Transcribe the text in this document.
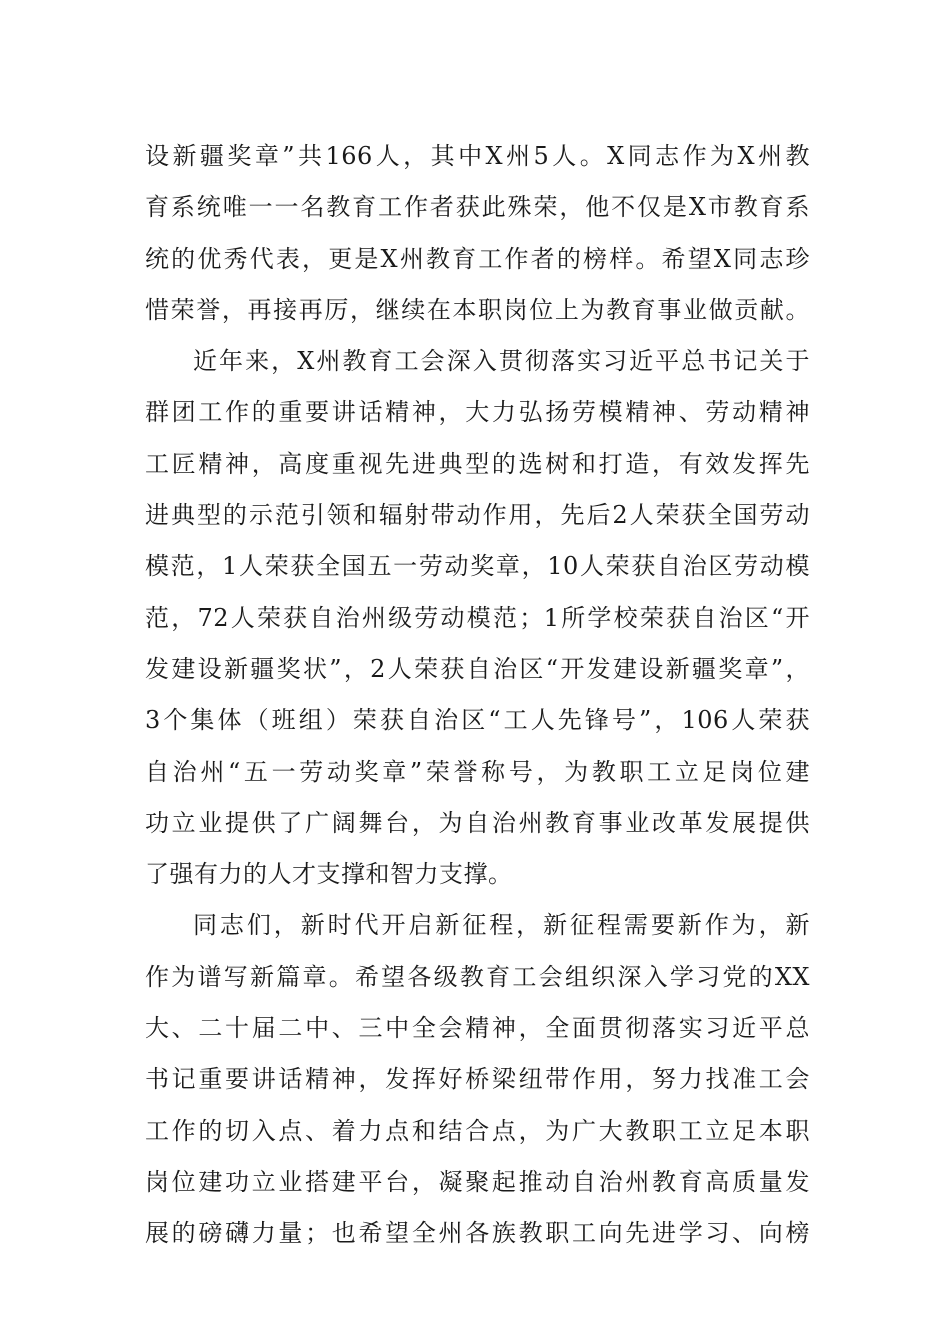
设新疆奖章”共166人，其中X州5人。X同志作为X州教
育系统唯一一名教育工作者获此殊荣，他不仅是X市教育系
统的优秀代表，更是X州教育工作者的榜样。希望X同志珍
惜荣誉，再接再厉，继续在本职岗位上为教育事业做贡献。
近年来，X州教育工会深入贯彻落实习近平总书记关于
群团工作的重要讲话精神，大力弘扬劳模精神、劳动精神
工匠精神，高度重视先进典型的选树和打造，有效发挥先
进典型的示范引领和辐射带动作用，先后2人荣获全国劳动
模范，1人荣获全国五一劳动奖章，10人荣获自治区劳动模
范，72人荣获自治州级劳动模范；1所学校荣获自治区“开
发建设新疆奖状”，2人荣获自治区“开发建设新疆奖章”，
3个集体（班组）荣获自治区“工人先锋号”，106人荣获
自治州“五一劳动奖章”荣誉称号，为教职工立足岗位建
功立业提供了广阔舞台，为自治州教育事业改革发展提供
了强有力的人才支撑和智力支撑。
同志们，新时代开启新征程，新征程需要新作为，新
作为谱写新篇章。希望各级教育工会组织深入学习党的XX
大、二十届二中、三中全会精神，全面贯彻落实习近平总
书记重要讲话精神，发挥好桥梁纽带作用，努力找准工会
工作的切入点、着力点和结合点，为广大教职工立足本职
岗位建功立业搭建平台，凝聚起推动自治州教育高质量发
展的磅礴力量；也希望全州各族教职工向先进学习、向榜
